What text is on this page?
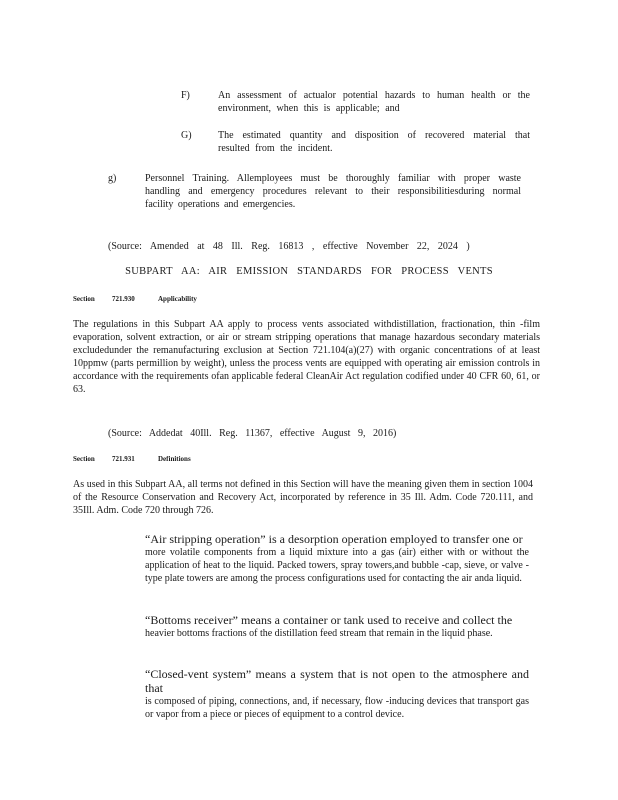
F)	An assessment of actualor potential hazards to human health or the environment, when this is applicable; and
G)	The estimated quantity and disposition of recovered material that resulted from the incident.
g)	Personnel Training. Allemployees must be thoroughly familiar with proper waste handling and emergency procedures relevant to their responsibilitiesduring normal facility operations and emergencies.
(Source: Amended at 48 Ill. Reg. 16813 , effective November 22, 2024 )
SUBPART AA: AIR EMISSION STANDARDS FOR PROCESS VENTS
Section 721.930	Applicability
The regulations in this Subpart AA apply to process vents associated withdistillation, fractionation, thin -film evaporation, solvent extraction, or air or stream stripping operations that manage hazardous secondary materials excludedunder the remanufacturing exclusion at Section 721.104(a)(27) with organic concentrations of at least 10ppmw (parts permillion by weight), unless the process vents are equipped with operating air emission controls in accordance with the requirements ofan applicable federal CleanAir Act regulation codified under 40 CFR 60, 61, or 63.
(Source: Addedat 40Ill. Reg. 11367, effective August 9, 2016)
Section 721.931	Definitions
As used in this Subpart AA, all terms not defined in this Section will have the meaning given them in section 1004 of the Resource Conservation and Recovery Act, incorporated by reference in 35 Ill. Adm. Code 720.111, and 35Ill. Adm. Code 720 through 726.
“Air stripping operation” is a desorption operation employed to transfer one or
more volatile components from a liquid mixture into a gas (air) either with or without the application of heat to the liquid. Packed towers, spray towers,and bubble -cap, sieve, or valve -type plate towers are among the process configurations used for contacting the air anda liquid.
“Bottoms receiver” means a container or tank used to receive and collect the
heavier bottoms fractions of the distillation feed stream that remain in the liquid phase.
“Closed-vent system” means a system that is not open to the atmosphere and that
is composed of piping, connections, and, if necessary, flow -inducing devices that transport gas or vapor from a piece or pieces of equipment to a control device.
